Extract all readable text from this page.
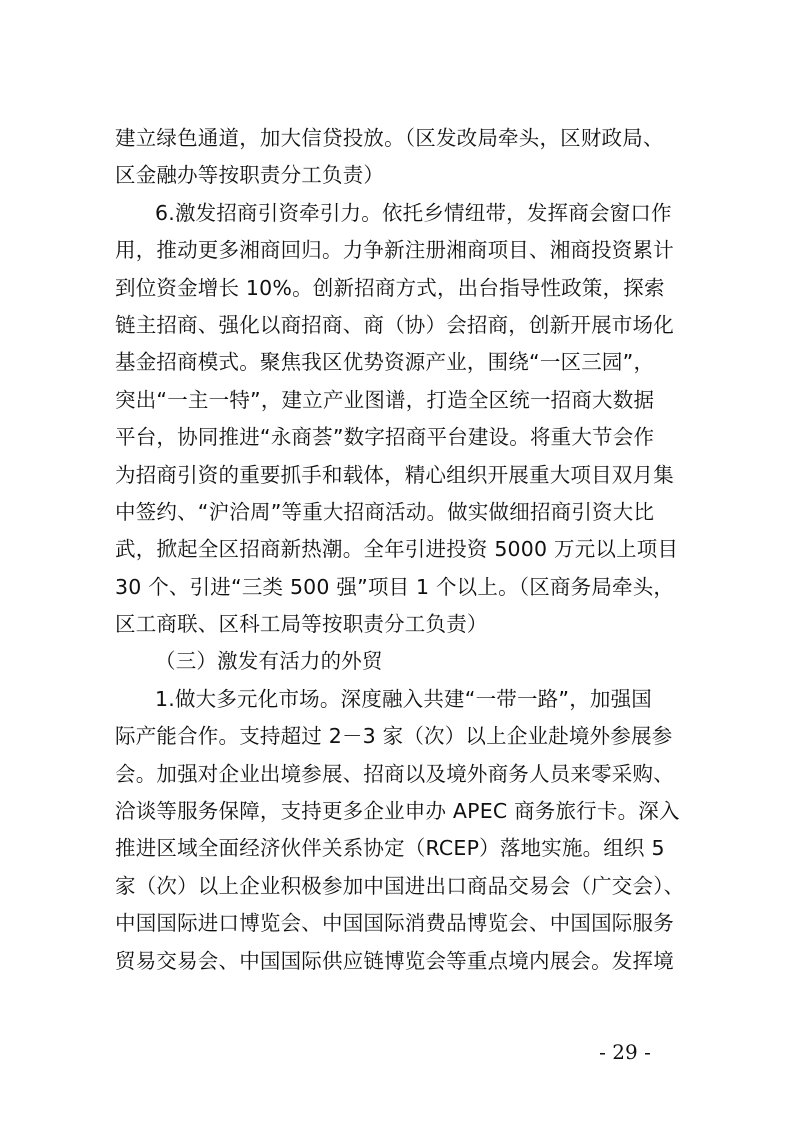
建立绿色通道，加大信贷投放。（区发改局牵头，区财政局、
区金融办等按职责分工负责）
6.激发招商引资牵引力。依托乡情纽带，发挥商会窗口作
用，推动更多湘商回归。力争新注册湘商项目、湘商投资累计
到位资金增长 10%。创新招商方式，出台指导性政策，探索
链主招商、强化以商招商、商（协）会招商，创新开展市场化
基金招商模式。聚焦我区优势资源产业，围绕“一区三园”，
突出“一主一特”，建立产业图谱，打造全区统一招商大数据
平台，协同推进“永商荟”数字招商平台建设。将重大节会作
为招商引资的重要抓手和载体，精心组织开展重大项目双月集
中签约、“沪洽周”等重大招商活动。做实做细招商引资大比
武，掀起全区招商新热潮。全年引进投资 5000 万元以上项目
30 个、引进“三类 500 强”项目 1 个以上。（区商务局牵头，
区工商联、区科工局等按职责分工负责）
（三）激发有活力的外贸
1.做大多元化市场。深度融入共建“一带一路”，加强国
际产能合作。支持超过 2－3 家（次）以上企业赴境外参展参
会。加强对企业出境参展、招商以及境外商务人员来零采购、
洽谈等服务保障，支持更多企业申办 APEC 商务旅行卡。深入
推进区域全面经济伙伴关系协定（RCEP）落地实施。组织 5
家（次）以上企业积极参加中国进出口商品交易会（广交会）、
中国国际进口博览会、中国国际消费品博览会、中国国际服务
贸易交易会、中国国际供应链博览会等重点境内展会。发挥境
- 29 -
